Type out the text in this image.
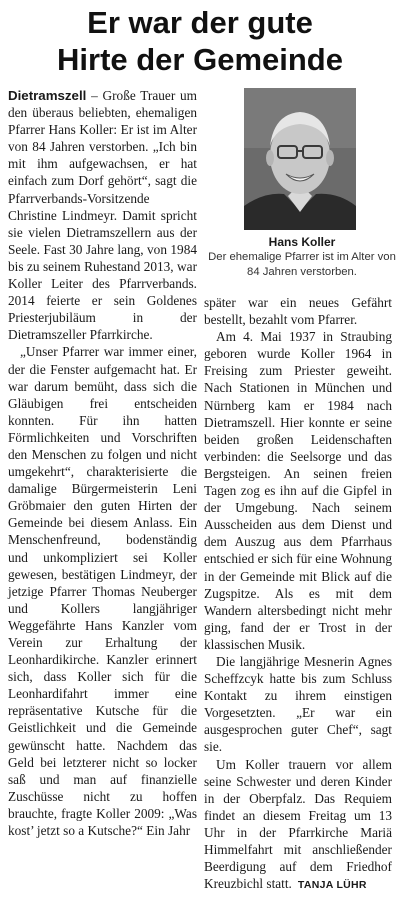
Er war der gute
Hirte der Gemeinde

Dietramszell – Große Trauer um den überaus beliebten, ehemaligen Pfarrer Hans Koller: Er ist im Alter von 84 Jahren verstorben. „Ich bin mit ihm aufgewachsen, er hat einfach zum Dorf gehört“, sagt die Pfarrverbands-Vorsitzende Christine Lindmeyr. Damit spricht sie vielen Dietramszellern aus der Seele. Fast 30 Jahre lang, von 1984 bis zu seinem Ruhestand 2013, war Koller Leiter des Pfarrverbands. 2014 feierte er sein Goldenes Priesterjubiläum in der Dietramszeller Pfarrkirche.

„Unser Pfarrer war immer einer, der die Fenster aufgemacht hat. Er war darum bemüht, dass sich die Gläubigen frei entscheiden konnten. Für ihn hatten Förmlichkeiten und Vorschriften den Menschen zu folgen und nicht umgekehrt“, charakterisierte die damalige Bürgermeisterin Leni Gröbmaier den guten Hirten der Gemeinde bei diesem Anlass. Ein Menschenfreund, bodenständig und unkompliziert sei Koller gewesen, bestätigen Lindmeyr, der jetzige Pfarrer Thomas Neuberger und Kollers langjähriger Weggefährte Hans Kanzler vom Verein zur Erhaltung der Leonhardikirche. Kanzler erinnert sich, dass Koller sich für die Leonhardifahrt immer eine repräsentative Kutsche für die Geistlichkeit und die Gemeinde gewünscht hatte. Nachdem das Geld bei letzterer nicht so locker saß und man auf finanzielle Zuschüsse nicht zu hoffen brauchte, fragte Koller 2009: „Was kost’ jetzt so a Kutsche?“ Ein Jahr

Hans Koller
Der ehemalige Pfarrer ist im Alter von 84 Jahren verstorben.

später war ein neues Gefährt bestellt, bezahlt vom Pfarrer.

Am 4. Mai 1937 in Straubing geboren wurde Koller 1964 in Freising zum Priester geweiht. Nach Stationen in München und Nürnberg kam er 1984 nach Dietramszell. Hier konnte er seine beiden großen Leidenschaften verbinden: die Seelsorge und das Bergsteigen. An seinen freien Tagen zog es ihn auf die Gipfel in der Umgebung. Nach seinem Ausscheiden aus dem Dienst und dem Auszug aus dem Pfarrhaus entschied er sich für eine Wohnung in der Gemeinde mit Blick auf die Zugspitze. Als es mit dem Wandern altersbedingt nicht mehr ging, fand der er Trost in der klassischen Musik.

Die langjährige Mesnerin Agnes Scheffzcyk hatte bis zum Schluss Kontakt zu ihrem einstigen Vorgesetzten. „Er war ein ausgesprochen guter Chef“, sagt sie.

Um Koller trauern vor allem seine Schwester und deren Kinder in der Oberpfalz. Das Requiem findet an diesem Freitag um 13 Uhr in der Pfarrkirche Mariä Himmelfahrt mit anschließender Beerdigung auf dem Friedhof Kreuzbichl statt. TANJA LÜHR
